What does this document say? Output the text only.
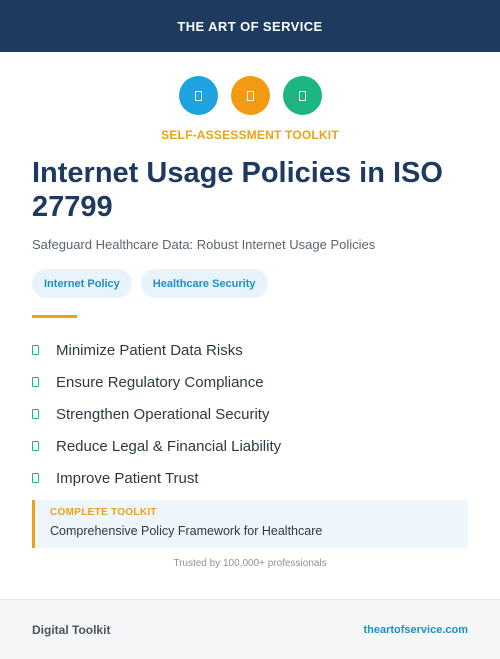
THE ART OF SERVICE
SELF-ASSESSMENT TOOLKIT
Internet Usage Policies in ISO 27799

Safeguard Healthcare Data: Robust Internet Usage Policies

Internet Policy	Healthcare Security
Minimize Patient Data Risks
Ensure Regulatory Compliance
Strengthen Operational Security
Reduce Legal & Financial Liability
Improve Patient Trust
COMPLETE TOOLKIT
Comprehensive Policy Framework for Healthcare
Trusted by 100,000+ professionals
Digital Toolkit	theartofservice.com
